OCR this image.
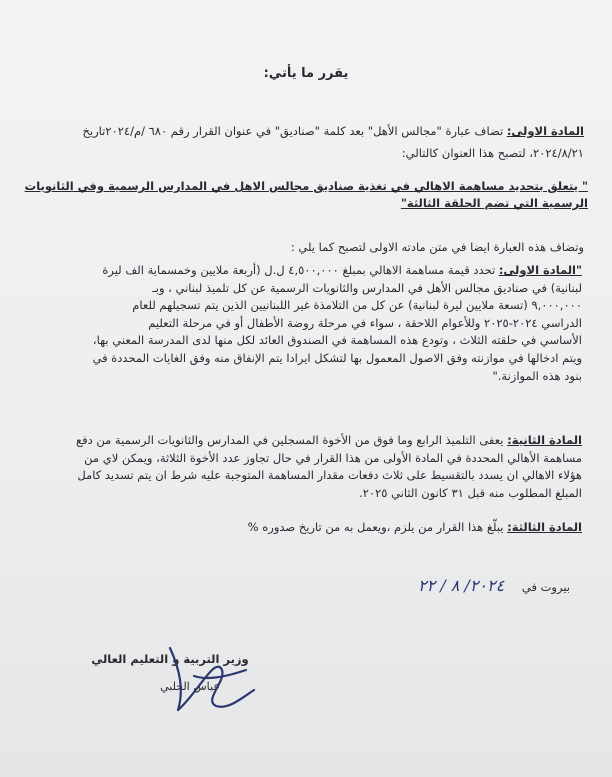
يقرر ما يأتي:
المادة الاولى: تضاف عبارة "مجالس الأهل" بعد كلمة "صناديق" في عنوان القرار رقم ٦٨٠ /م/٢٠٢٤تاريخ
٢٠٢٤/٨/٢١، لتصبح هذا العنوان كالتالي:
" يتعلق بتحديد مساهمة الاهالي في تغذية صناديق مجالس الاهل في المدارس الرسمية وفي الثانويات
الرسمية التي تضم الحلقة الثالثة"
وتضاف هذه العبارة ايضا في متن مادته الاولى لتصبح كما يلي :
"المادة الاولى: تحدد قيمة مساهمة الاهالي بمبلغ ٤,٥٠٠,٠٠٠ ل.ل (أربعة ملايين وخمسماية الف ليرة
لبنانية) في صناديق مجالس الأهل في المدارس والثانويات الرسمية عن كل تلميذ لبناني ، وبـ
٩,٠٠٠,٠٠٠ (تسعة ملايين ليرة لبنانية) عن كل من التلامذة غير اللبنانيين الذين يتم تسجيلهم للعام
الدراسي ٢٠٢٤-٢٠٢٥ وللأعوام اللاحقة ، سواء في مرحلة روضة الأطفال أو في مرحلة التعليم
الأساسي في حلقته الثلاث ، وتودع هذه المساهمة في الصندوق العائد لكل منها لدى المدرسة المعني بها،
ويتم ادخالها في موازنته وفق الاصول المعمول بها لتشكل ايرادا يتم الإنفاق منه وفق الغايات المحددة في
بنود هذه الموازنة."
المادة الثانية: يعفى التلميذ الرابع وما فوق من الأخوة المسجلين في المدارس والثانويات الرسمية من دفع
مساهمة الأهالي المحددة في المادة الأولى من هذا القرار في حال تجاوز عدد الأخوة الثلاثة، ويمكن لاي من
هؤلاء الاهالي ان يسدد بالتقسيط على ثلاث دفعات مقدار المساهمة المتوجبة عليه شرط ان يتم تسديد كامل
المبلغ المطلوب منه قبل ٣١ كانون الثاني ٢٠٢٥.
المادة الثالثة: يبلّغ هذا القرار من يلزم ،ويعمل به من تاريخ صدوره %
بيروت في ٢٠٢٤/ ٨ / ٢٢
وزير التربية و التعليم العالي
عباس الحلبي
